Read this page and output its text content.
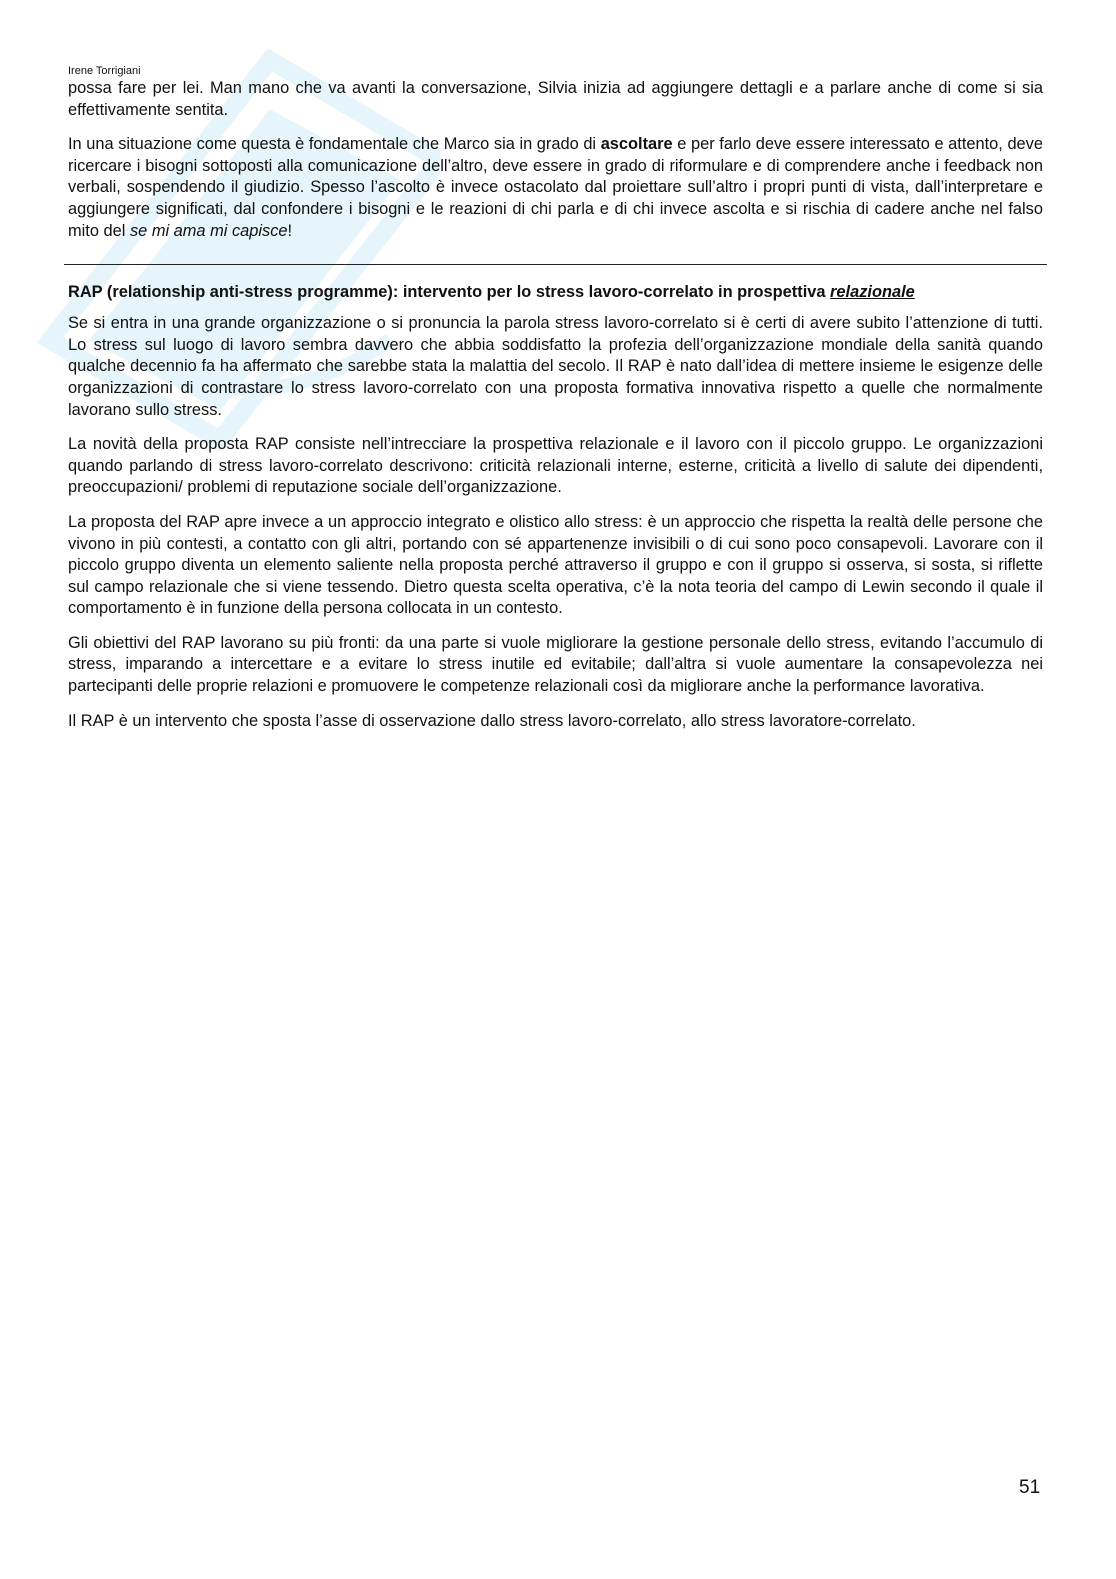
Irene Torrigiani

possa fare per lei. Man mano che va avanti la conversazione, Silvia inizia ad aggiungere dettagli e a parlare anche di come si sia effettivamente sentita.

In una situazione come questa è fondamentale che Marco sia in grado di ascoltare e per farlo deve essere interessato e attento, deve ricercare i bisogni sottoposti alla comunicazione dell’altro, deve essere in grado di riformulare e di comprendere anche i feedback non verbali, sospendendo il giudizio. Spesso l’ascolto è invece ostacolato dal proiettare sull’altro i propri punti di vista, dall’interpretare e aggiungere significati, dal confondere i bisogni e le reazioni di chi parla e di chi invece ascolta e si rischia di cadere anche nel falso mito del se mi ama mi capisce!

RAP (relationship anti-stress programme): intervento per lo stress lavoro-correlato in prospettiva relazionale

Se si entra in una grande organizzazione o si pronuncia la parola stress lavoro-correlato si è certi di avere subito l’attenzione di tutti. Lo stress sul luogo di lavoro sembra davvero che abbia soddisfatto la profezia dell’organizzazione mondiale della sanità quando qualche decennio fa ha affermato che sarebbe stata la malattia del secolo. Il RAP è nato dall’idea di mettere insieme le esigenze delle organizzazioni di contrastare lo stress lavoro-correlato con una proposta formativa innovativa rispetto a quelle che normalmente lavorano sullo stress.

La novità della proposta RAP consiste nell’intrecciare la prospettiva relazionale e il lavoro con il piccolo gruppo. Le organizzazioni quando parlando di stress lavoro-correlato descrivono: criticità relazionali interne, esterne, criticità a livello di salute dei dipendenti, preoccupazioni/ problemi di reputazione sociale dell’organizzazione.

La proposta del RAP apre invece a un approccio integrato e olistico allo stress: è un approccio che rispetta la realtà delle persone che vivono in più contesti, a contatto con gli altri, portando con sé appartenenze invisibili o di cui sono poco consapevoli. Lavorare con il piccolo gruppo diventa un elemento saliente nella proposta perché attraverso il gruppo e con il gruppo si osserva, si sosta, si riflette sul campo relazionale che si viene tessendo. Dietro questa scelta operativa, c’è la nota teoria del campo di Lewin secondo il quale il comportamento è in funzione della persona collocata in un contesto.

Gli obiettivi del RAP lavorano su più fronti: da una parte si vuole migliorare la gestione personale dello stress, evitando l’accumulo di stress, imparando a intercettare e a evitare lo stress inutile ed evitabile; dall’altra si vuole aumentare la consapevolezza nei partecipanti delle proprie relazioni e promuovere le competenze relazionali così da migliorare anche la performance lavorativa.

Il RAP è un intervento che sposta l’asse di osservazione dallo stress lavoro-correlato, allo stress lavoratore-correlato.

51
